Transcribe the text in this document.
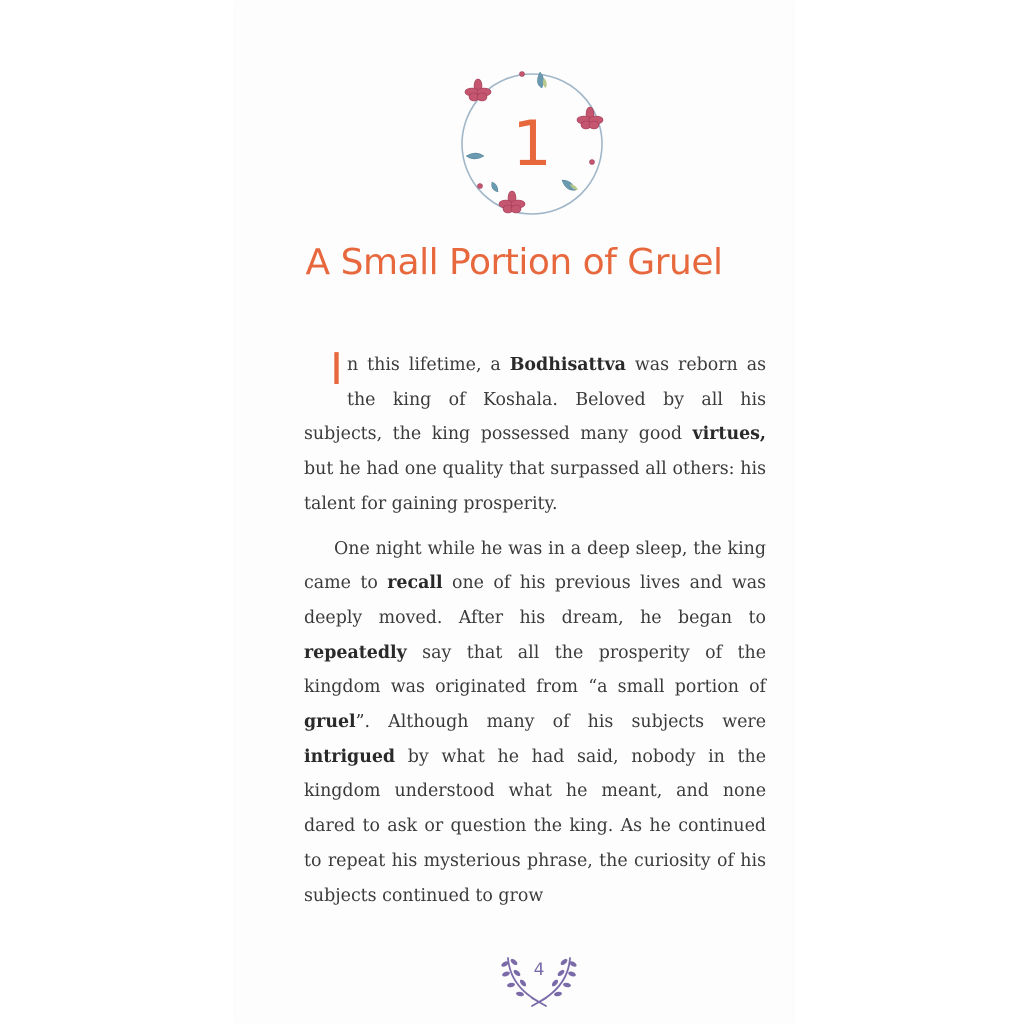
1
A Small Portion of Gruel

In this lifetime, a Bodhisattva was reborn as the king of Koshala. Beloved by all his subjects, the king possessed many good virtues, but he had one quality that surpassed all others: his talent for gaining prosperity.

One night while he was in a deep sleep, the king came to recall one of his previous lives and was deeply moved. After his dream, he began to repeatedly say that all the prosperity of the kingdom was originated from “a small portion of gruel”. Although many of his subjects were intrigued by what he had said, nobody in the kingdom understood what he meant, and none dared to ask or question the king. As he continued to repeat his mysterious phrase, the curiosity of his subjects continued to grow

4
